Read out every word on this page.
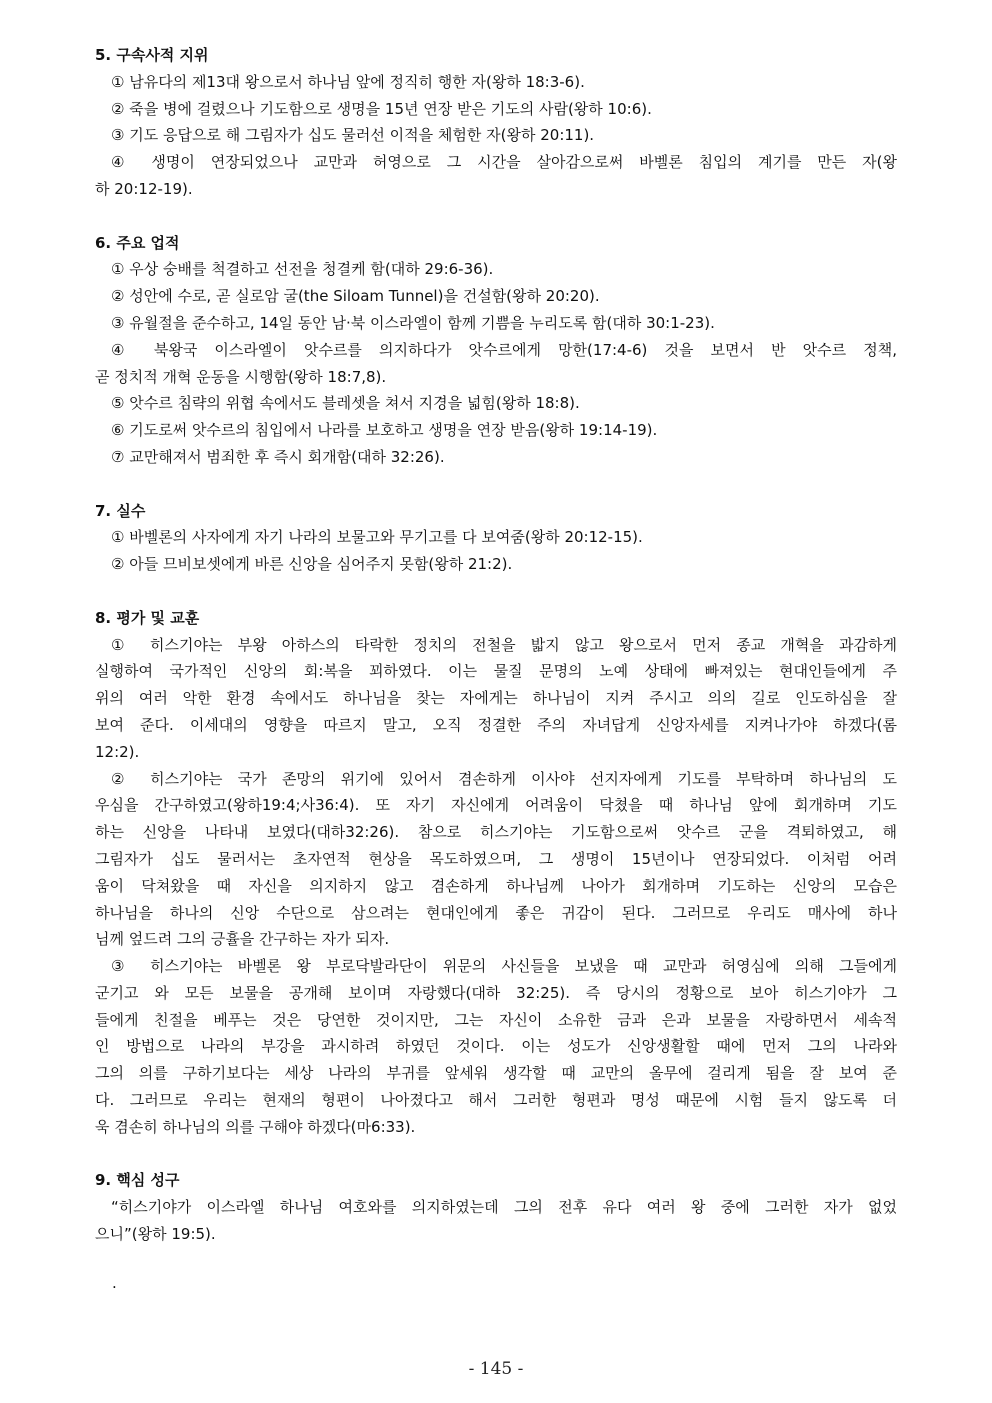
5. 구속사적 지위
① 남유다의 제13대 왕으로서 하나님 앞에 정직히 행한 자(왕하 18:3-6).
② 죽을 병에 걸렸으나 기도함으로 생명을 15년 연장 받은 기도의 사람(왕하 10:6).
③ 기도 응답으로 해 그림자가 십도 물러선 이적을 체험한 자(왕하 20:11).
④ 생명이 연장되었으나 교만과 허영으로 그 시간을 살아감으로써 바벨론 침입의 계기를 만든 자(왕
하 20:12-19).
6. 주요 업적
① 우상 숭배를 척결하고 선전을 청결케 함(대하 29:6-36).
② 성안에 수로, 곧 실로암 굴(the Siloam Tunnel)을 건설함(왕하 20:20).
③ 유월절을 준수하고, 14일 동안 남·북 이스라엘이 함께 기쁨을 누리도록 함(대하 30:1-23).
④ 북왕국 이스라엘이 앗수르를 의지하다가 앗수르에게 망한(17:4-6) 것을 보면서 반 앗수르 정책,
곧 정치적 개혁 운동을 시행함(왕하 18:7,8).
⑤ 앗수르 침략의 위협 속에서도 블레셋을 쳐서 지경을 넓힘(왕하 18:8).
⑥ 기도로써 앗수르의 침입에서 나라를 보호하고 생명을 연장 받음(왕하 19:14-19).
⑦ 교만해져서 범죄한 후 즉시 회개함(대하 32:26).
7. 실수
① 바벨론의 사자에게 자기 나라의 보물고와 무기고를 다 보여줌(왕하 20:12-15).
② 아들 므비보셋에게 바른 신앙을 심어주지 못함(왕하 21:2).
8. 평가 및 교훈
① 히스기야는 부왕 아하스의 타락한 정치의 전철을 밟지 않고 왕으로서 먼저 종교 개혁을 과감하게
실행하여 국가적인 신앙의 회:복을 꾀하였다. 이는 물질 문명의 노예 상태에 빠져있는 현대인들에게 주
위의 여러 악한 환경 속에서도 하나님을 찾는 자에게는 하나님이 지켜 주시고 의의 길로 인도하심을 잘
보여 준다. 이세대의 영향을 따르지 말고, 오직 정결한 주의 자녀답게 신앙자세를 지켜나가야 하겠다(롬
12:2).
② 히스기야는 국가 존망의 위기에 있어서 겸손하게 이사야 선지자에게 기도를 부탁하며 하나님의 도
우심을 간구하였고(왕하19:4;사36:4). 또 자기 자신에게 어려움이 닥쳤을 때 하나님 앞에 회개하며 기도
하는 신앙을 나타내 보였다(대하32:26). 참으로 히스기야는 기도함으로써 앗수르 군을 격퇴하였고, 해
그림자가 십도 물러서는 초자연적 현상을 목도하였으며, 그 생명이 15년이나 연장되었다. 이처럼 어려
움이 닥쳐왔을 때 자신을 의지하지 않고 겸손하게 하나님께 나아가 회개하며 기도하는 신앙의 모습은
하나님을 하나의 신앙 수단으로 삼으려는 현대인에게 좋은 귀감이 된다. 그러므로 우리도 매사에 하나
님께 엎드려 그의 긍휼을 간구하는 자가 되자.
③ 히스기야는 바벨론 왕 부로닥발라단이 위문의 사신들을 보냈을 때 교만과 허영심에 의해 그들에게
군기고 와 모든 보물을 공개해 보이며 자랑했다(대하 32:25). 즉 당시의 정황으로 보아 히스기야가 그
들에게 친절을 베푸는 것은 당연한 것이지만, 그는 자신이 소유한 금과 은과 보물을 자랑하면서 세속적
인 방법으로 나라의 부강을 과시하려 하였던 것이다. 이는 성도가 신앙생활할 때에 먼저 그의 나라와
그의 의를 구하기보다는 세상 나라의 부귀를 앞세워 생각할 때 교만의 올무에 걸리게 됨을 잘 보여 준
다. 그러므로 우리는 현재의 형편이 나아졌다고 해서 그러한 형편과 명성 때문에 시험 들지 않도록 더
욱 겸손히 하나님의 의를 구해야 하겠다(마6:33).
9. 핵심 성구
“히스기야가 이스라엘 하나님 여호와를 의지하였는데 그의 전후 유다 여러 왕 중에 그러한 자가 없었
으니”(왕하 19:5).
.
- 145 -
